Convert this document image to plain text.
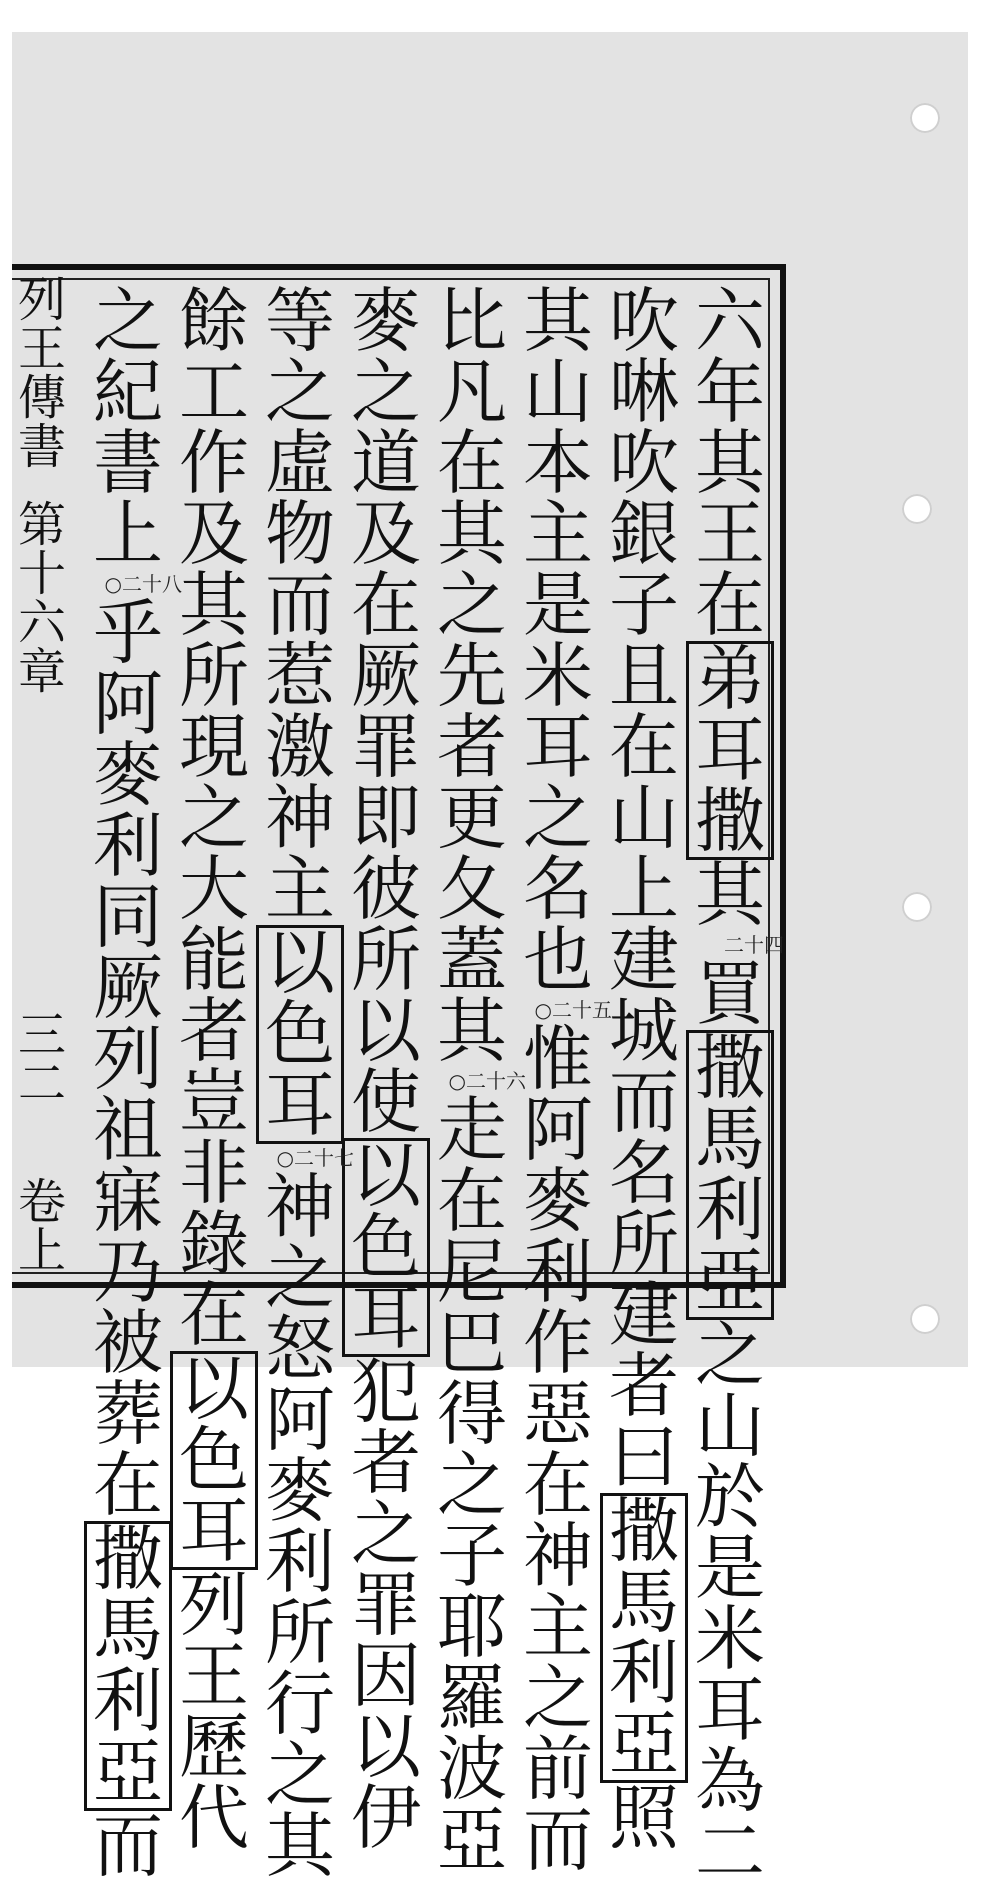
六
年
其
王
在
弟
耳
撒
其
二十四
買
撒
馬
利
亞
之
山
於
是
米
耳
為
二
吹
啉
吹
銀
子
且
在
山
上
建
城
而
名
所
建
者
曰
撒
馬
利
亞
照
其
山
本
主
是
米
耳
之
名
也
○二十五
惟
阿
麥
利
作
惡
在
神
主
之
前
而
比
凡
在
其
之
先
者
更
夂
蓋
其
○二十六
走
在
尼
巴
得
之
子
耶
羅
波
亞
麥
之
道
及
在
厥
罪
即
彼
所
以
使
以
色
耳
犯
者
之
罪
因
以
伊
等
之
虛
物
而
惹
激
神
主
以
色
耳
○二十七
神
之
怒
阿
麥
利
所
行
之
其
餘
工
作
及
其
所
現
之
大
能
者
豈
非
錄
在
以
色
耳
列
王
歷
代
之
紀
書
上
○二十八
乎
阿
麥
利
同
厥
列
祖
寐
乃
被
葬
在
撒
馬
利
亞
而
列
王
傳
書
第
十
六
章
三
二
卷
上
